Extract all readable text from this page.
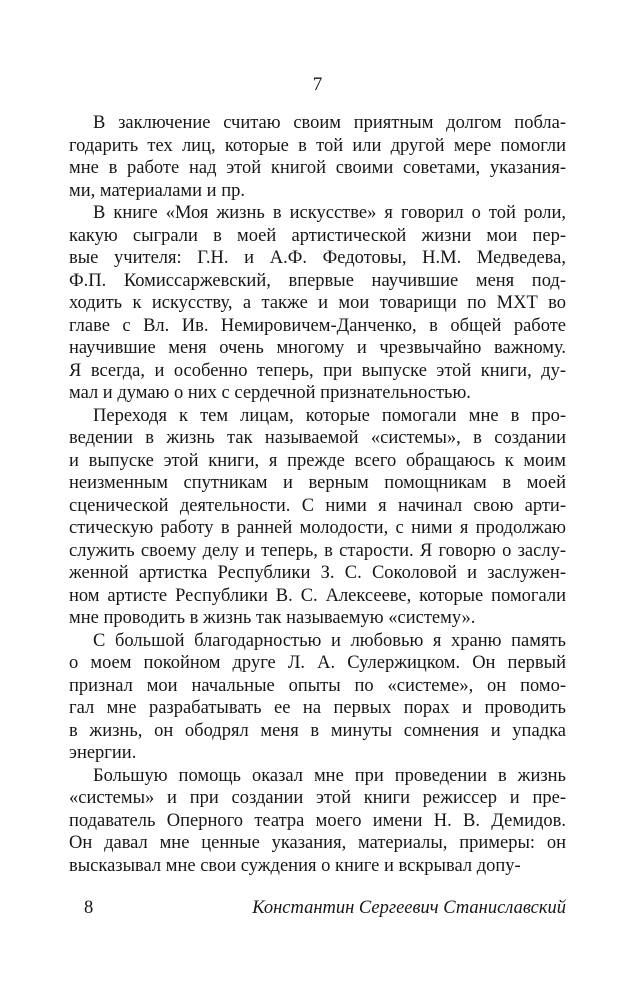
7
В заключение считаю своим приятным долгом побла-
годарить тех лиц, которые в той или другой мере помогли
мне в работе над этой книгой своими советами, указания-
ми, материалами и пр.
В книге «Моя жизнь в искусстве» я говорил о той роли,
какую сыграли в моей артистической жизни мои пер-
вые учителя: Г.Н. и А.Ф. Федотовы, Н.М. Медведева,
Ф.П. Комиссаржевский, впервые научившие меня под-
ходить к искусству, а также и мои товарищи по МХТ во
главе с Вл. Ив. Немировичем-Данченко, в общей работе
научившие меня очень многому и чрезвычайно важному.
Я всегда, и особенно теперь, при выпуске этой книги, ду-
мал и думаю о них с сердечной признательностью.
Переходя к тем лицам, которые помогали мне в про-
ведении в жизнь так называемой «системы», в создании
и выпуске этой книги, я прежде всего обращаюсь к моим
неизменным спутникам и верным помощникам в моей
сценической деятельности. С ними я начинал свою арти-
стическую работу в ранней молодости, с ними я продолжаю
служить своему делу и теперь, в старости. Я говорю о заслу-
женной артистка Республики З. С. Соколовой и заслужен-
ном артисте Республики В. С. Алексееве, которые помогали
мне проводить в жизнь так называемую «систему».
С большой благодарностью и любовью я храню память
о моем покойном друге Л. А. Сулержицком. Он первый
признал мои начальные опыты по «системе», он помо-
гал мне разрабатывать ее на первых порах и проводить
в жизнь, он ободрял меня в минуты сомнения и упадка
энергии.
Большую помощь оказал мне при проведении в жизнь
«системы» и при создании этой книги режиссер и пре-
подаватель Оперного театра моего имени Н. В. Демидов.
Он давал мне ценные указания, материалы, примеры: он
высказывал мне свои суждения о книге и вскрывал допу-
8	Константин Сергеевич Станиславский
